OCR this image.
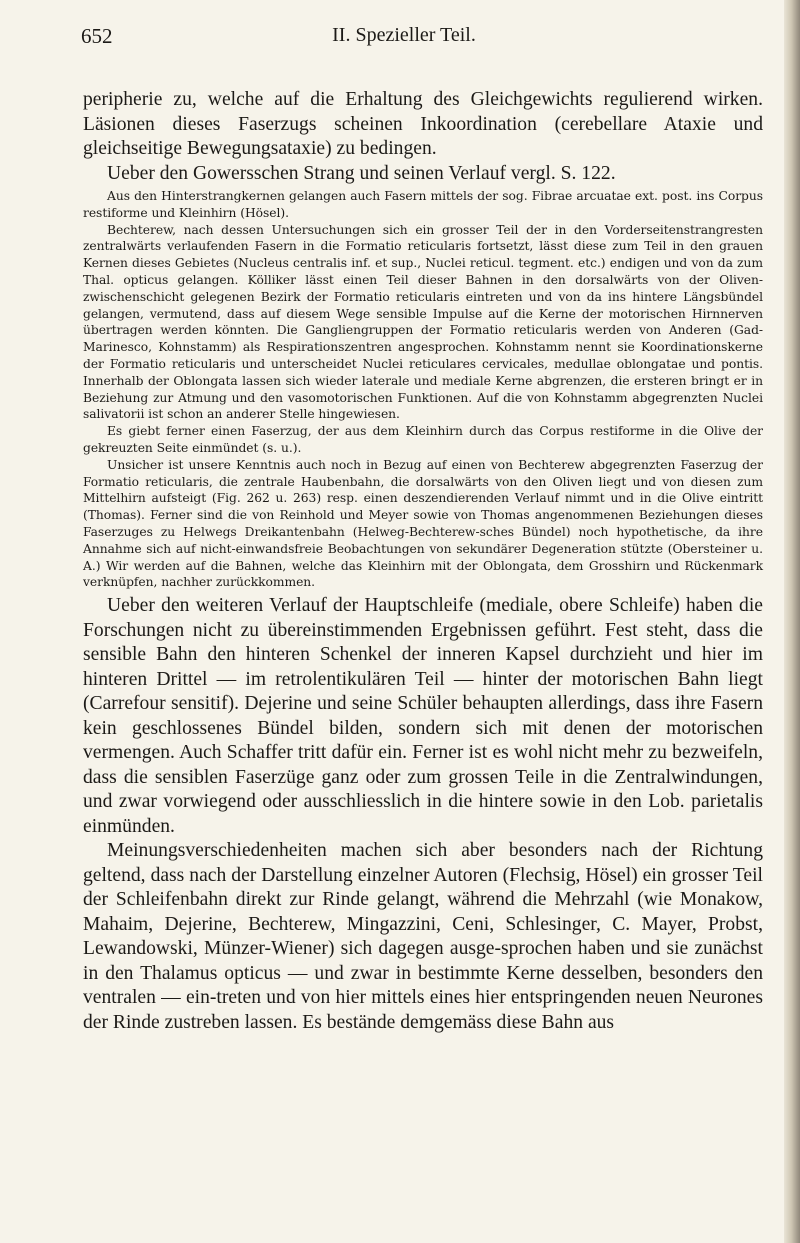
652	II. Spezieller Teil.

peripherie zu, welche auf die Erhaltung des Gleichgewichts regulierend wirken. Läsionen dieses Faserzugs scheinen Inkoordination (cerebellare Ataxie und gleichseitige Bewegungsataxie) zu bedingen.

Ueber den Gowersschen Strang und seinen Verlauf vergl. S. 122.

Aus den Hinterstrangkernen gelangen auch Fasern mittels der sog. Fibrae arcuatae ext. post. ins Corpus restiforme und Kleinhirn (Hösel).

Bechterew, nach dessen Untersuchungen sich ein grosser Teil der in den Vorderseitenstrangresten zentralwärts verlaufenden Fasern in die Formatio reticularis fortsetzt, lässt diese zum Teil in den grauen Kernen dieses Gebietes (Nucleus centralis inf. et sup., Nuclei reticul. tegment. etc.) endigen und von da zum Thal. opticus gelangen. Kölliker lässt einen Teil dieser Bahnen in den dorsalwärts von der Oliven-zwischenschicht gelegenen Bezirk der Formatio reticularis eintreten und von da ins hintere Längsbündel gelangen, vermutend, dass auf diesem Wege sensible Impulse auf die Kerne der motorischen Hirnnerven übertragen werden könnten. Die Gangliengruppen der Formatio reticularis werden von Anderen (Gad-Marinesco, Kohnstamm) als Respirationszentren angesprochen. Kohnstamm nennt sie Koordinationskerne der Formatio reticularis und unterscheidet Nuclei reticulares cervicales, medullae oblongatae und pontis. Innerhalb der Oblongata lassen sich wieder laterale und mediale Kerne abgrenzen, die ersteren bringt er in Beziehung zur Atmung und den vasomotorischen Funktionen. Auf die von Kohnstamm abgegrenzten Nuclei salivatorii ist schon an anderer Stelle hingewiesen.

Es giebt ferner einen Faserzug, der aus dem Kleinhirn durch das Corpus restiforme in die Olive der gekreuzten Seite einmündet (s. u.).

Unsicher ist unsere Kenntnis auch noch in Bezug auf einen von Bechterew abgegrenzten Faserzug der Formatio reticularis, die zentrale Haubenbahn, die dorsalwärts von den Oliven liegt und von diesen zum Mittelhirn aufsteigt (Fig. 262 u. 263) resp. einen deszendierenden Verlauf nimmt und in die Olive eintritt (Thomas). Ferner sind die von Reinhold und Meyer sowie von Thomas angenommenen Beziehungen dieses Faserzuges zu Helwegs Dreikantenbahn (Helweg-Bechterew-sches Bündel) noch hypothetische, da ihre Annahme sich auf nicht-einwandsfreie Beobachtungen von sekundärer Degeneration stützte (Obersteiner u. A.) Wir werden auf die Bahnen, welche das Kleinhirn mit der Oblongata, dem Grosshirn und Rückenmark verknüpfen, nachher zurückkommen.

Ueber den weiteren Verlauf der Hauptschleife (mediale, obere Schleife) haben die Forschungen nicht zu übereinstimmenden Ergebnissen geführt. Fest steht, dass die sensible Bahn den hinteren Schenkel der inneren Kapsel durchzieht und hier im hinteren Drittel — im retrolentikulären Teil — hinter der motorischen Bahn liegt (Carrefour sensitif). Dejerine und seine Schüler behaupten allerdings, dass ihre Fasern kein geschlossenes Bündel bilden, sondern sich mit denen der motorischen vermengen. Auch Schaffer tritt dafür ein. Ferner ist es wohl nicht mehr zu bezweifeln, dass die sensiblen Faserzüge ganz oder zum grossen Teile in die Zentralwindungen, und zwar vorwiegend oder ausschliesslich in die hintere sowie in den Lob. parietalis einmünden.

Meinungsverschiedenheiten machen sich aber besonders nach der Richtung geltend, dass nach der Darstellung einzelner Autoren (Flechsig, Hösel) ein grosser Teil der Schleifenbahn direkt zur Rinde gelangt, während die Mehrzahl (wie Monakow, Mahaim, Dejerine, Bechterew, Mingazzini, Ceni, Schlesinger, C. Mayer, Probst, Lewandowski, Münzer-Wiener) sich dagegen ausge-sprochen haben und sie zunächst in den Thalamus opticus — und zwar in bestimmte Kerne desselben, besonders den ventralen — ein-treten und von hier mittels eines hier entspringenden neuen Neurones der Rinde zustreben lassen. Es bestände demgemäss diese Bahn aus
